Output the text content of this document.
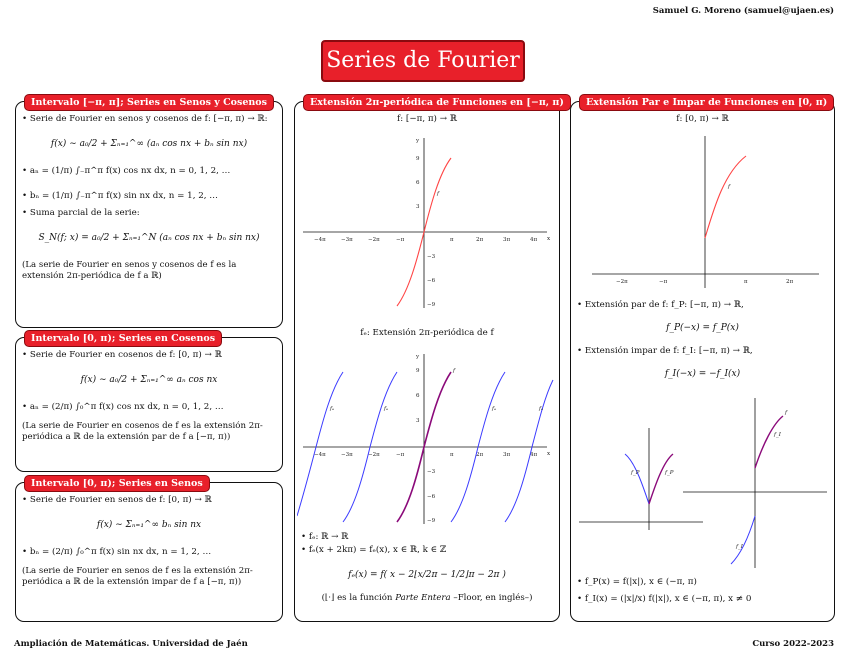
Samuel G. Moreno (samuel@ujaen.es)
Series de Fourier
Intervalo [−π, π]; Series en Senos y Cosenos
• Serie de Fourier en senos y cosenos de f: [−π, π) → ℝ:
f(x) ∼ a₀/2 + Σₙ₌₁^∞ (aₙ cos nx + bₙ sin nx)
• aₙ = (1/π) ∫₋π^π f(x) cos nx dx, n = 0, 1, 2, …
• bₙ = (1/π) ∫₋π^π f(x) sin nx dx, n = 1, 2, …
• Suma parcial de la serie:
S_N(f; x) = a₀/2 + Σₙ₌₁^N (aₙ cos nx + bₙ sin nx)
(La serie de Fourier en senos y cosenos de f es la extensión 2π-periódica de f a ℝ)
Intervalo [0, π); Series en Cosenos
• Serie de Fourier en cosenos de f: [0, π) → ℝ
f(x) ∼ a₀/2 + Σₙ₌₁^∞ aₙ cos nx
• aₙ = (2/π) ∫₀^π f(x) cos nx dx, n = 0, 1, 2, …
(La serie de Fourier en cosenos de f es la extensión 2π-periódica a ℝ de la extensión par de f a [−π, π))
Intervalo [0, π); Series en Senos
• Serie de Fourier en senos de f: [0, π) → ℝ
f(x) ∼ Σₙ₌₁^∞ bₙ sin nx
• bₙ = (2/π) ∫₀^π f(x) sin nx dx, n = 1, 2, …
(La serie de Fourier en senos de f es la extensión 2π-periódica a ℝ de la extensión impar de f a [−π, π))
Extensión 2π-periódica de Funciones en [−π, π)
f: [−π, π) → ℝ
x
y
−4π	−3π	−2π	−π	π	2π	3π	4π
9
6
3
−3
−6
−9
f
fₑ: Extensión 2π-periódica de f
x
y
−4π	−3π	−2π	−π	π	2π	3π	4π
9
6
3
−3
−6
−9
fₑ	fₑ	fₑ	fₑ
f
• fₑ: ℝ → ℝ
• fₑ(x + 2kπ) = fₑ(x), x ∈ ℝ, k ∈ ℤ
fₑ(x) = f( x − 2⌊x/2π − 1/2⌋π − 2π )
(⌊·⌋ es la función Parte Entera –Floor, en inglés–)
Extensión Par e Impar de Funciones en [0, π)
f: [0, π) → ℝ
−2π	−π	π	2π
f
• Extensión par de f: f_P: [−π, π) → ℝ,
f_P(−x) = f_P(x)
• Extensión impar de f: f_I: [−π, π) → ℝ,
f_I(−x) = −f_I(x)
f_P	f_P
f_I
f_I
f
• f_P(x) = f(|x|), x ∈ (−π, π)
• f_I(x) = (|x|/x) f(|x|), x ∈ (−π, π), x ≠ 0
Ampliación de Matemáticas. Universidad de Jaén	Curso 2022-2023
